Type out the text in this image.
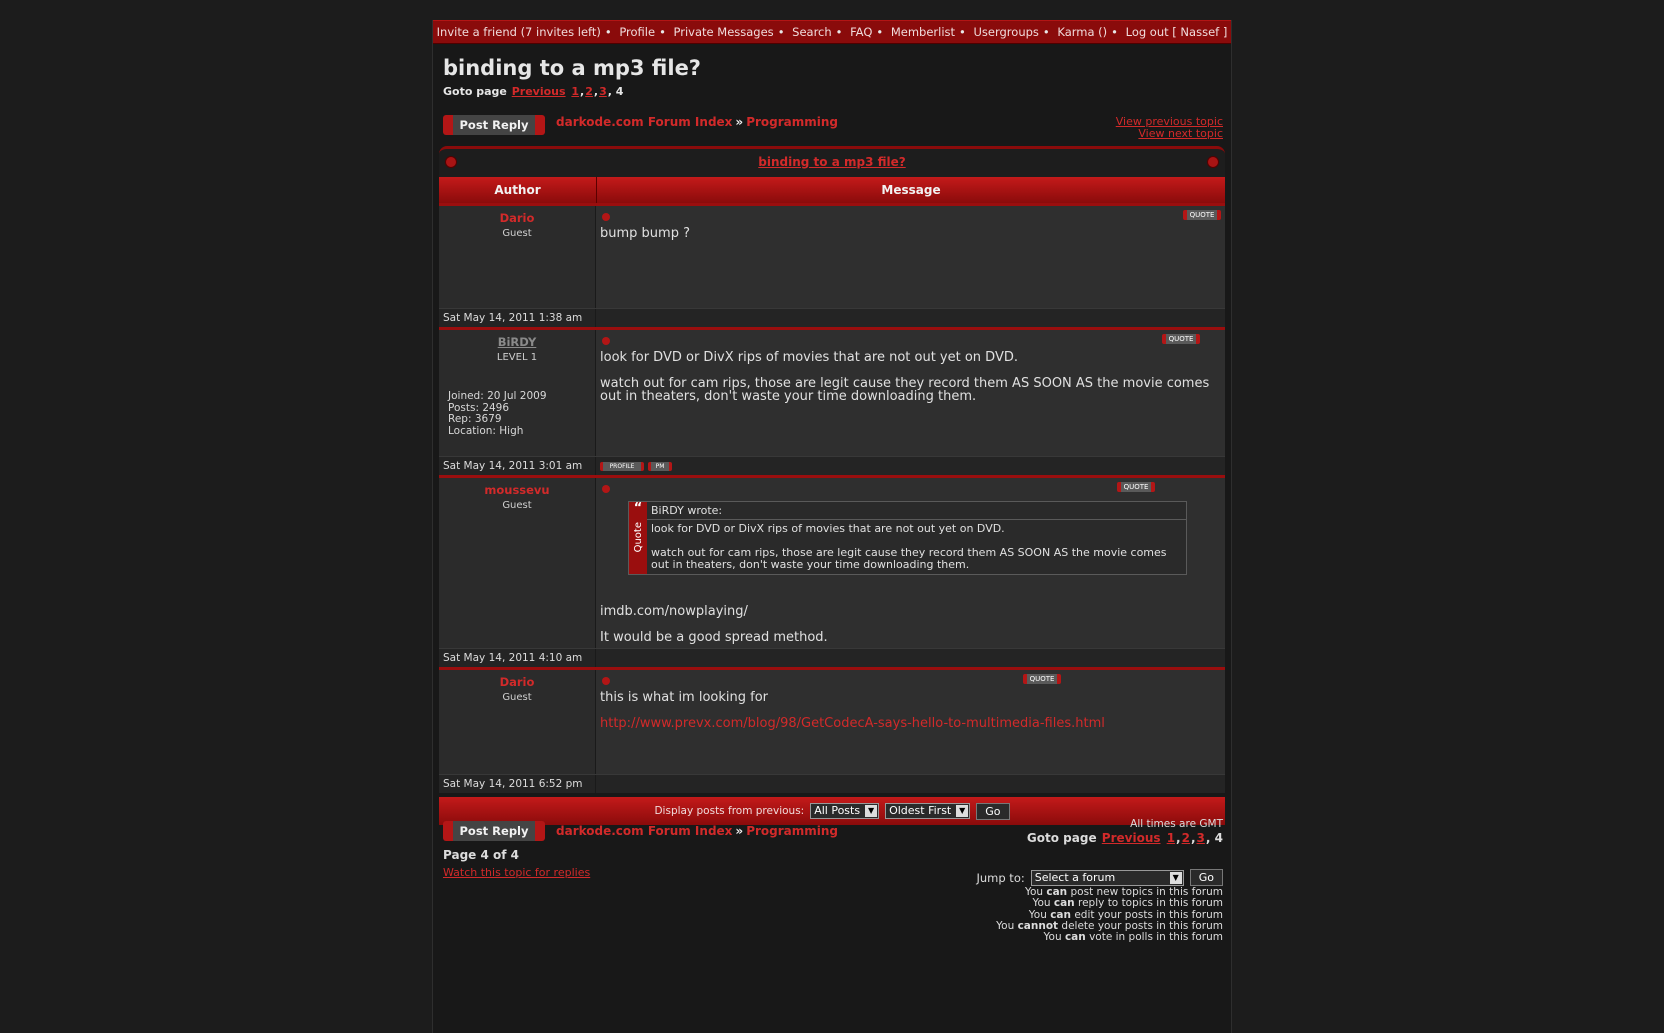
Invite a friend (7 invites left) • Profile • Private Messages • Search • FAQ • Memberlist • Usergroups • Karma () • Log out [ Nassef ]
binding to a mp3 file?
Goto page Previous 1,2,3, 4
Post Reply	darkode.com Forum Index » Programming	View previous topic
View next topic
binding to a mp3 file?
Author	Message
Dario
Guest
QUOTE

bump bump ?

Sat May 14, 2011 1:38 am
BiRDY
LEVEL 1
Joined: 20 Jul 2009
Posts: 2496
Rep: 3679
Location: High
QUOTE

look for DVD or DivX rips of movies that are not out yet on DVD.

watch out for cam rips, those are legit cause they record them AS SOON AS the movie comes out in theaters, don't waste your time downloading them.

Sat May 14, 2011 3:01 am	PROFILE	PM
moussevu
Guest
QUOTE
“
Quote
BiRDY wrote:

look for DVD or DivX rips of movies that are not out yet on DVD.

watch out for cam rips, those are legit cause they record them AS SOON AS the movie comes out in theaters, don't waste your time downloading them.

imdb.com/nowplaying/

It would be a good spread method.

Sat May 14, 2011 4:10 am
Dario
Guest
QUOTE

this is what im looking for

http://www.prevx.com/blog/98/GetCodecA-says-hello-to-multimedia-files.html

Sat May 14, 2011 6:52 pm
Display posts from previous: All Posts ▼	Oldest First ▼	Go
Post Reply	darkode.com Forum Index » Programming	All times are GMT
Goto page Previous 1,2,3, 4
Page 4 of 4
Watch this topic for replies	Jump to: Select a forum	▼	Go
You can post new topics in this forum
You can reply to topics in this forum
You can edit your posts in this forum
You cannot delete your posts in this forum
You can vote in polls in this forum
